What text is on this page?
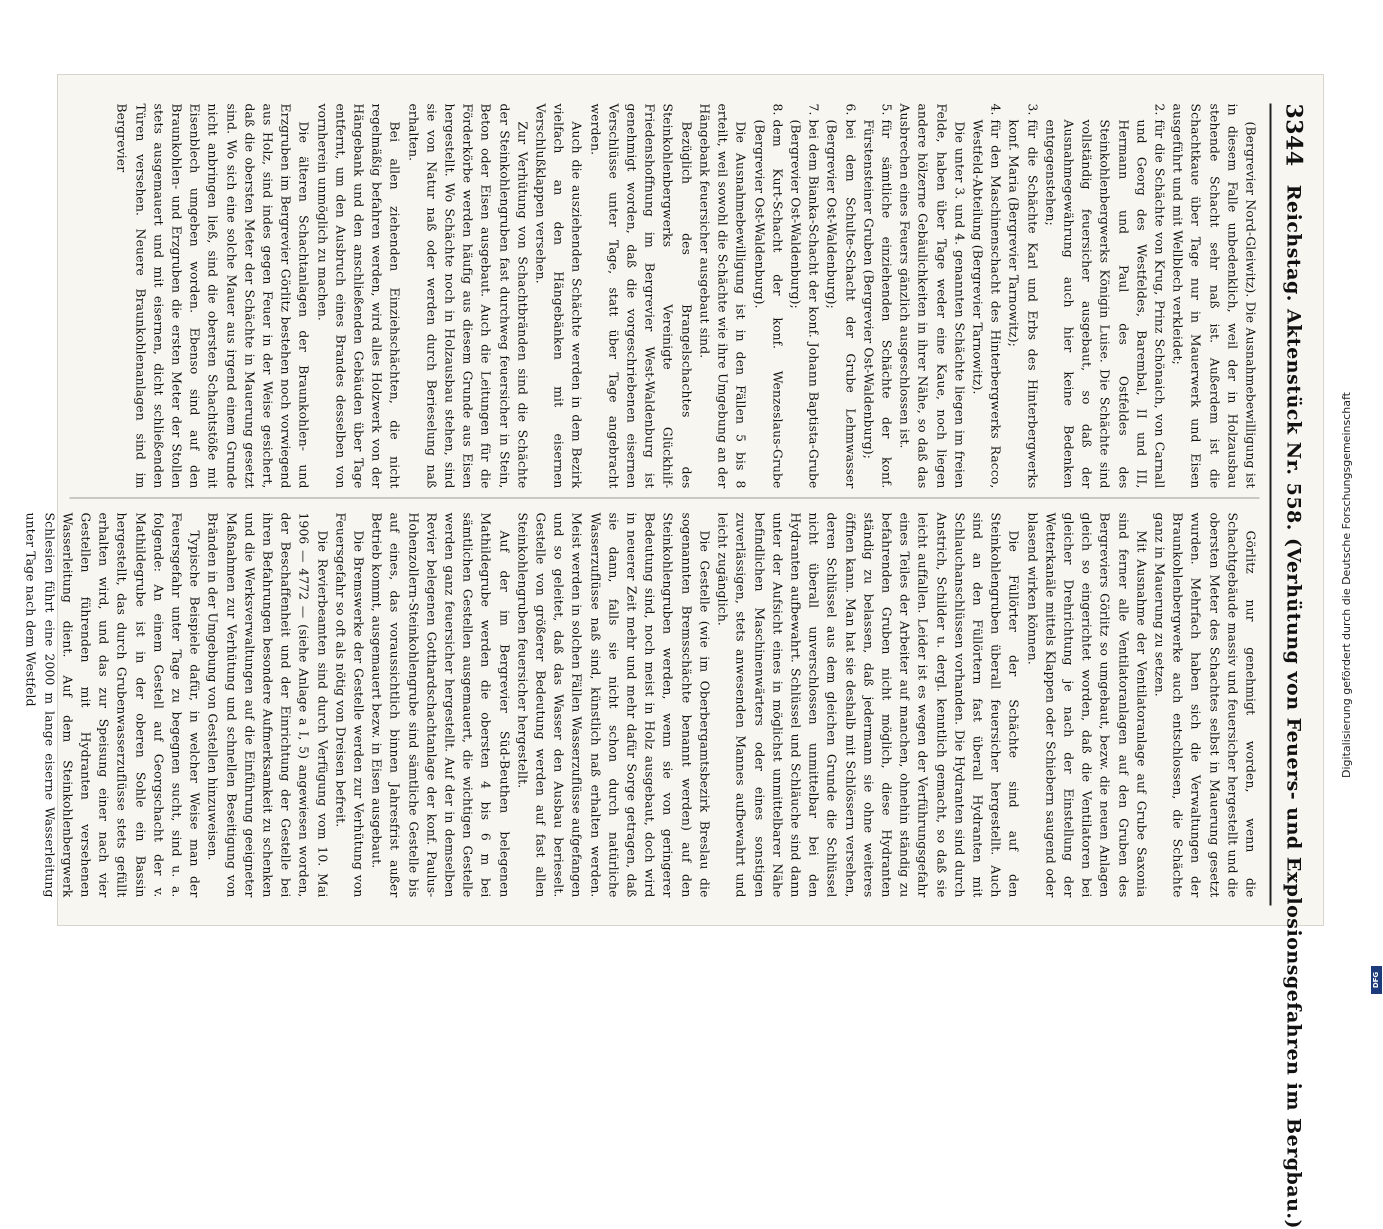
3344
Reichstag. Aktenstück Nr. 558. (Verhütung von Feuers- und Explosionsgefahren im Bergbau.)

(Bergrevier Nord-Gleiwitz). Die Ausnahmebewilligung ist in diesem Falle unbedenklich, weil der in Holzausbau stehende Schacht sehr naß ist. Außerdem ist die Schachtkaue über Tage nur in Mauerwerk und Eisen ausgeführt und mit Wellblech verkleidet;

2.
für die Schächte von Krug, Prinz Schönaich, von Carnall und Georg des Westfeldes, Barembal, II und III, Hermann und Paul des Ostfeldes des Steinkohlenbergwerks Königin Luise. Die Schächte sind vollständig feuersicher ausgebaut, so daß der Ausnahmegewährung auch hier keine Bedenken entgegenstehen;

3.
für die Schächte Karl und Erbs des Hinterbergwerks konf. Maria (Bergrevier Tarnowitz);

4.
für den Maschinenschacht des Hinterbergwerks Racco, Westfeld-Abteilung (Bergrevier Tarnowitz).

Die unter 3. und 4. genannten Schächte liegen im freien Felde, haben über Tage weder eine Kaue, noch liegen andere hölzerne Gebäulichkeiten in ihrer Nähe, so daß das Ausbrechen eines Feuers gänzlich ausgeschlossen ist.

5.
für sämtliche einziehenden Schächte der konf. Fürstensteiner Gruben (Bergrevier Ost-Waldenburg);

6.
bei dem Schulte-Schacht der Grube Lehmwasser (Bergrevier Ost-Waldenburg);

7.
bei dem Bianka-Schacht der konf. Johann Baptista-Grube (Bergrevier Ost-Waldenburg);

8.
dem Kurt-Schacht der konf. Wenzeslaus-Grube (Bergrevier Ost-Waldenburg).

Die Ausnahmebewilligung ist in den Fällen 5 bis 8 erteilt, weil sowohl die Schächte wie ihre Umgebung an der Hängebank feuersicher ausgebaut sind.

Bezüglich des Brangelschachtes des Steinkohlenbergwerks Vereinigte Glückhilf-Friedenshoffnung im Bergrevier West-Waldenburg ist genehmigt worden, daß die vorgeschriebenen eisernen Verschlüsse unter Tage, statt über Tage angebracht werden.

Auch die ausziehenden Schächte werden in dem Bezirk vielfach an den Hängebänken mit eisernen Verschlußklappen versehen.

Zur Verhütung von Schachtbränden sind die Schächte der Steinkohlengruben fast durchweg feuersicher in Stein, Beton oder Eisen ausgebaut. Auch die Leitungen für die Förderkörbe werden häufig aus diesem Grunde aus Eisen hergestellt. Wo Schächte noch in Holzausbau stehen, sind sie von Natur naß oder werden durch Berieselung naß erhalten.

Bei allen ziehenden Einziehschächten, die nicht regelmäßig befahren werden, wird alles Holzwerk von der Hängebank und den anschließenden Gebäuden über Tage entfernt, um den Ausbruch eines Brandes desselben von vornherein unmöglich zu machen.

Die älteren Schachtanlagen der Braunkohlen- und Erzgruben im Bergrevier Görlitz bestehen noch vorwiegend aus Holz, sind indes gegen Feuer in der Weise gesichert, daß die obersten Meter der Schächte in Mauerung gesetzt sind. Wo sich eine solche Mauer aus irgend einem Grunde nicht anbringen ließ, sind die obersten Schachtstöße mit Eisenblech umgeben worden. Ebenso sind auf den Braunkohlen- und Erzgruben die ersten Meter der Stollen stets ausgemauert und mit eisernen, dicht schließenden Türen versehen. Neuere Braunkohlenanlagen sind im Bergrevier

Görlitz nur genehmigt worden, wenn die Schachtgebäude massiv und feuersicher hergestellt und die obersten Meter des Schachtes selbst in Mauerung gesetzt wurden. Mehrfach haben sich die Verwaltungen der Braunkohlenbergwerke auch entschlossen, die Schächte ganz in Mauerung zu setzen.

Mit Ausnahme der Ventilatoranlage auf Grube Saxonia sind ferner alle Ventilatoranlagen auf den Gruben des Bergreviers Görlitz so umgebaut, bezw. die neuen Anlagen gleich so eingerichtet worden, daß die Ventilatoren bei gleicher Drehrichtung je nach der Einstellung der Wetterkanäle mittels Klappen oder Schiebern saugend oder blasend wirken können.

Die Füllörter der Schächte sind auf den Steinkohlengruben überall feuersicher hergestellt. Auch sind an den Füllörtern fast überall Hydranten mit Schlauchanschlüssen vorhanden. Die Hydranten sind durch Anstrich, Schilder u. dergl. kenntlich gemacht, so daß sie leicht auffallen. Leider ist es wegen der Verführungsgefahr eines Teiles der Arbeiter auf manchen, ohnehin ständig zu befahrenden Gruben nicht möglich, diese Hydranten ständig zu belassen, daß jedermann sie ohne weiteres öffnen kann. Man hat sie deshalb mit Schlössern versehen, deren Schlüssel aus dem gleichen Grunde die Schlüssel nicht überall unverschlossen unmittelbar bei den Hydranten aufbewahrt. Schlüssel und Schläuche sind dann unter der Aufsicht eines in möglichst unmittelbarer Nähe befindlichen Maschinenwärters oder eines sonstigen zuverlässigen, stets anwesenden Mannes aufbewahrt und leicht zugänglich.

Die Gestelle (wie im Oberbergamtsbezirk Breslau die sogenannten Bremsschächte benannt werden) auf den Steinkohlengruben werden, wenn sie von geringerer Bedeutung sind, noch meist in Holz ausgebaut, doch wird in neuerer Zeit mehr und mehr dafür Sorge getragen, daß sie dann, falls sie nicht schon durch natürliche Wasserzuflüsse naß sind, künstlich naß erhalten werden. Meist werden in solchen Fällen Wasserzuflüsse aufgefangen und so geleitet, daß das Wasser den Ausbau berieselt. Gestelle von größerer Bedeutung werden auf fast allen Steinkohlengruben feuersicher hergestellt.

Auf der im Bergrevier Süd-Beuthen belegenen Mathildegrube werden die obersten 4 bis 6 m bei sämtlichen Gestellen ausgemauert, die wichtigen Gestelle werden ganz feuersicher hergestellt. Auf der in demselben Revier belegenen Gotthardschachtanlage der konf. Paulus-Hohenzollern-Steinkohlengrube sind sämtliche Gestelle bis auf eines, das voraussichtlich binnen Jahresfrist außer Betrieb kommt, ausgemauert bezw. in Eisen ausgebaut.

Die Bremswerke der Gestelle werden zur Verhütung von Feuersgefahr so oft als nötig von Dreisen befreit.

Die Revierbeamten sind durch Verfügung vom 10. Mai 1906 — 4772 — (siehe Anlage a I, 5) angewiesen worden, der Beschaffenheit und der Einrichtung der Gestelle bei ihren Befahrungen besondere Aufmerksamkeit zu schenken und die Werksverwaltungen auf die Einführung geeigneter Maßnahmen zur Verhütung und schnellen Beseitigung von Bränden in der Umgebung von Gestellen hinzuweisen.

Typische Beispiele dafür, in welcher Weise man der Feuersgefahr unter Tage zu begegnen sucht, sind u. a. folgende: An einem Gestell auf Georgschacht der v. Mathildegrube ist in der oberen Sohle ein Bassin hergestellt, das durch Grubenwasserzuflüsse stets gefüllt erhalten wird, und das zur Speisung einer nach vier Gestellen führenden mit Hydranten versehenen Wasserleitung dient. Auf dem Steinkohlenbergwerk Schlesien führt eine 2000 m lange eiserne Wasserleitung unter Tage nach dem Westfeld	Digitalisierung gefördert durch die Deutsche Forschungsgemeinschaft
DFG
